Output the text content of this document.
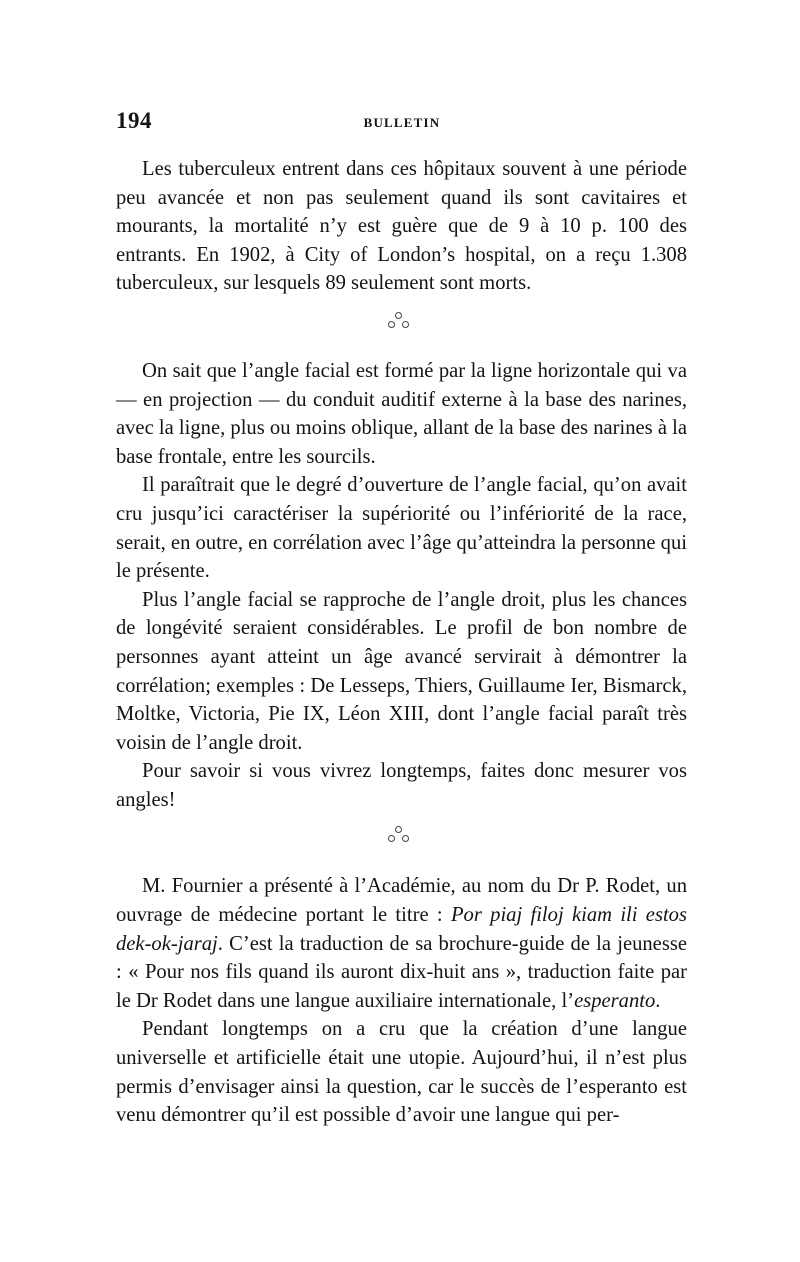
194	BULLETIN

Les tuberculeux entrent dans ces hôpitaux souvent à une période peu avancée et non pas seulement quand ils sont cavitaires et mourants, la mortalité n’y est guère que de 9 à 10 p. 100 des entrants. En 1902, à City of London’s hospital, on a reçu 1.308 tuberculeux, sur lesquels 89 seulement sont morts.

On sait que l’angle facial est formé par la ligne horizontale qui va — en projection — du conduit auditif externe à la base des narines, avec la ligne, plus ou moins oblique, allant de la base des narines à la base frontale, entre les sourcils.

Il paraîtrait que le degré d’ouverture de l’angle facial, qu’on avait cru jusqu’ici caractériser la supériorité ou l’infériorité de la race, serait, en outre, en corrélation avec l’âge qu’atteindra la personne qui le présente.

Plus l’angle facial se rapproche de l’angle droit, plus les chances de longévité seraient considérables. Le profil de bon nombre de personnes ayant atteint un âge avancé servirait à démontrer la corrélation; exemples : De Lesseps, Thiers, Guillaume Ier, Bismarck, Moltke, Victoria, Pie IX, Léon XIII, dont l’angle facial paraît très voisin de l’angle droit.

Pour savoir si vous vivrez longtemps, faites donc mesurer vos angles!

M. Fournier a présenté à l’Académie, au nom du Dr P. Rodet, un ouvrage de médecine portant le titre : Por piaj filoj kiam ili estos dek-ok-jaraj. C’est la traduction de sa brochure-guide de la jeunesse : « Pour nos fils quand ils auront dix-huit ans », traduction faite par le Dr Rodet dans une langue auxiliaire internationale, l’esperanto.

Pendant longtemps on a cru que la création d’une langue universelle et artificielle était une utopie. Aujourd’hui, il n’est plus permis d’envisager ainsi la question, car le succès de l’esperanto est venu démontrer qu’il est possible d’avoir une langue qui per-
